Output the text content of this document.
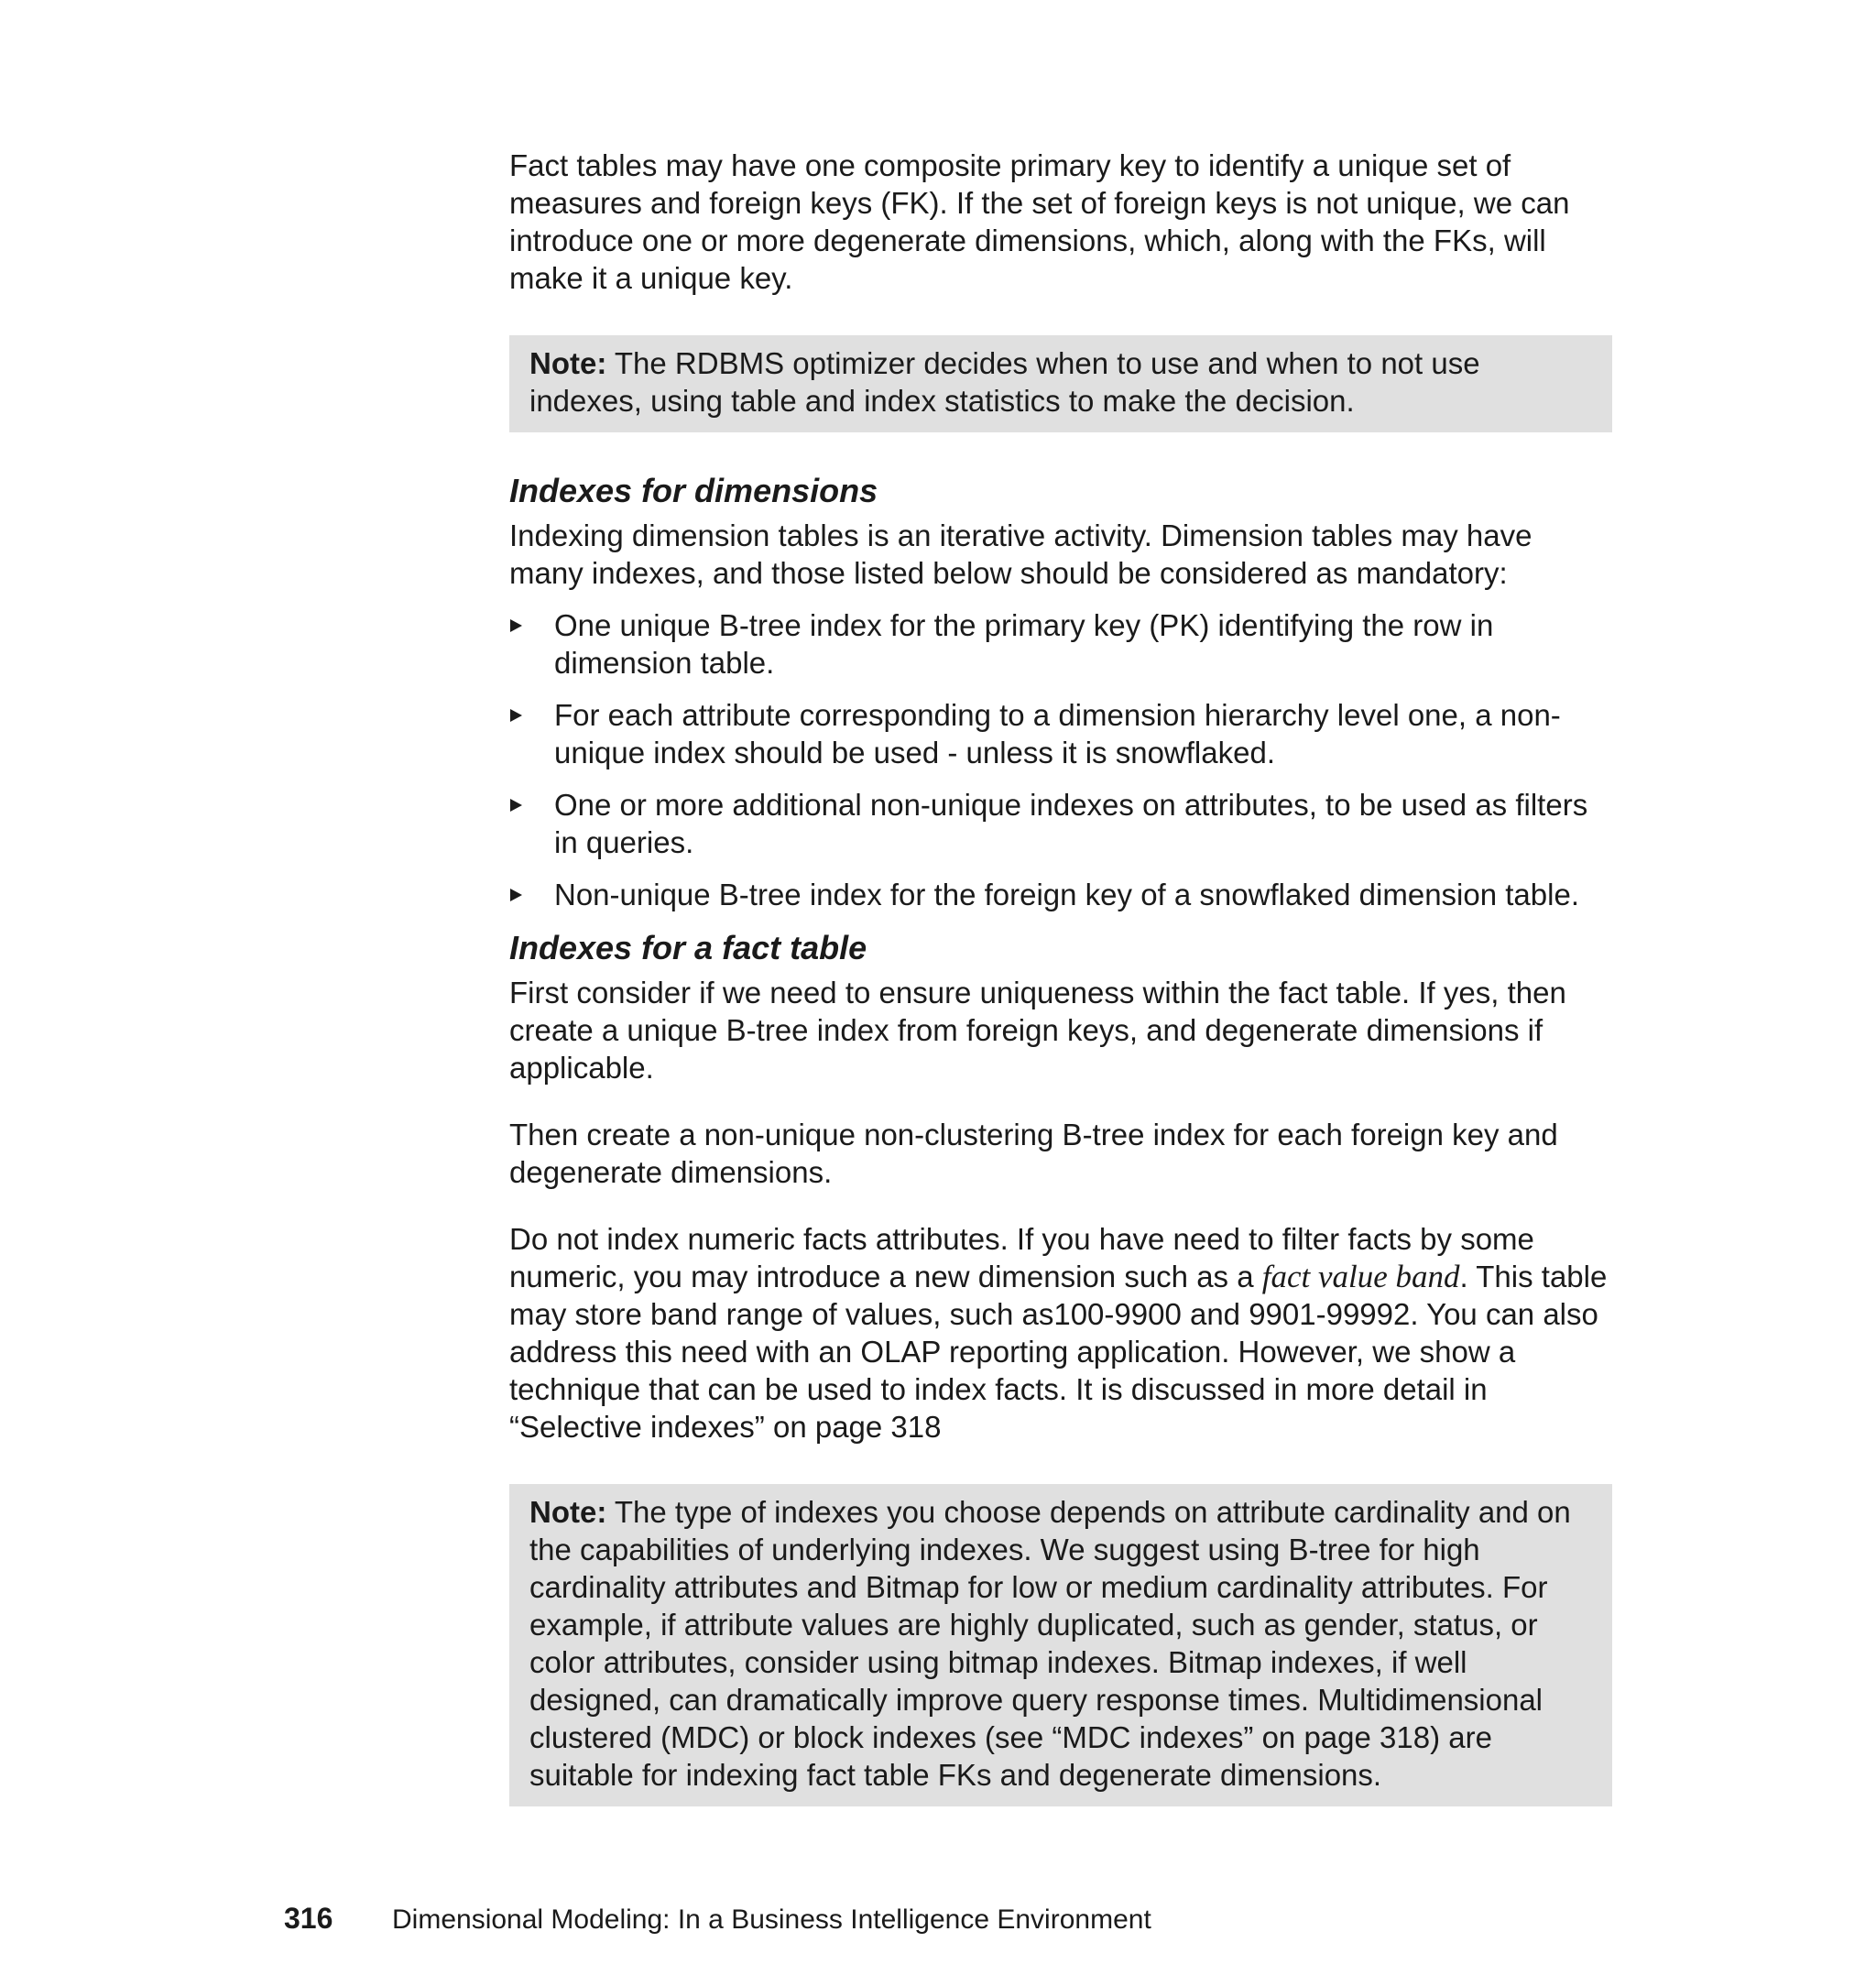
Fact tables may have one composite primary key to identify a unique set of measures and foreign keys (FK). If the set of foreign keys is not unique, we can introduce one or more degenerate dimensions, which, along with the FKs, will make it a unique key.

Note: The RDBMS optimizer decides when to use and when to not use indexes, using table and index statistics to make the decision.
Indexes for dimensions

Indexing dimension tables is an iterative activity. Dimension tables may have many indexes, and those listed below should be considered as mandatory:

One unique B-tree index for the primary key (PK) identifying the row in dimension table.
For each attribute corresponding to a dimension hierarchy level one, a non-unique index should be used - unless it is snowflaked.
One or more additional non-unique indexes on attributes, to be used as filters in queries.
Non-unique B-tree index for the foreign key of a snowflaked dimension table.
Indexes for a fact table

First consider if we need to ensure uniqueness within the fact table. If yes, then create a unique B-tree index from foreign keys, and degenerate dimensions if applicable.

Then create a non-unique non-clustering B-tree index for each foreign key and degenerate dimensions.

Do not index numeric facts attributes. If you have need to filter facts by some numeric, you may introduce a new dimension such as a fact value band. This table may store band range of values, such as100-9900 and 9901-99992. You can also address this need with an OLAP reporting application. However, we show a technique that can be used to index facts. It is discussed in more detail in “Selective indexes” on page 318

Note: The type of indexes you choose depends on attribute cardinality and on the capabilities of underlying indexes. We suggest using B-tree for high cardinality attributes and Bitmap for low or medium cardinality attributes. For example, if attribute values are highly duplicated, such as gender, status, or color attributes, consider using bitmap indexes. Bitmap indexes, if well designed, can dramatically improve query response times. Multidimensional clustered (MDC) or block indexes (see “MDC indexes” on page 318) are suitable for indexing fact table FKs and degenerate dimensions.
316 Dimensional Modeling: In a Business Intelligence Environment
